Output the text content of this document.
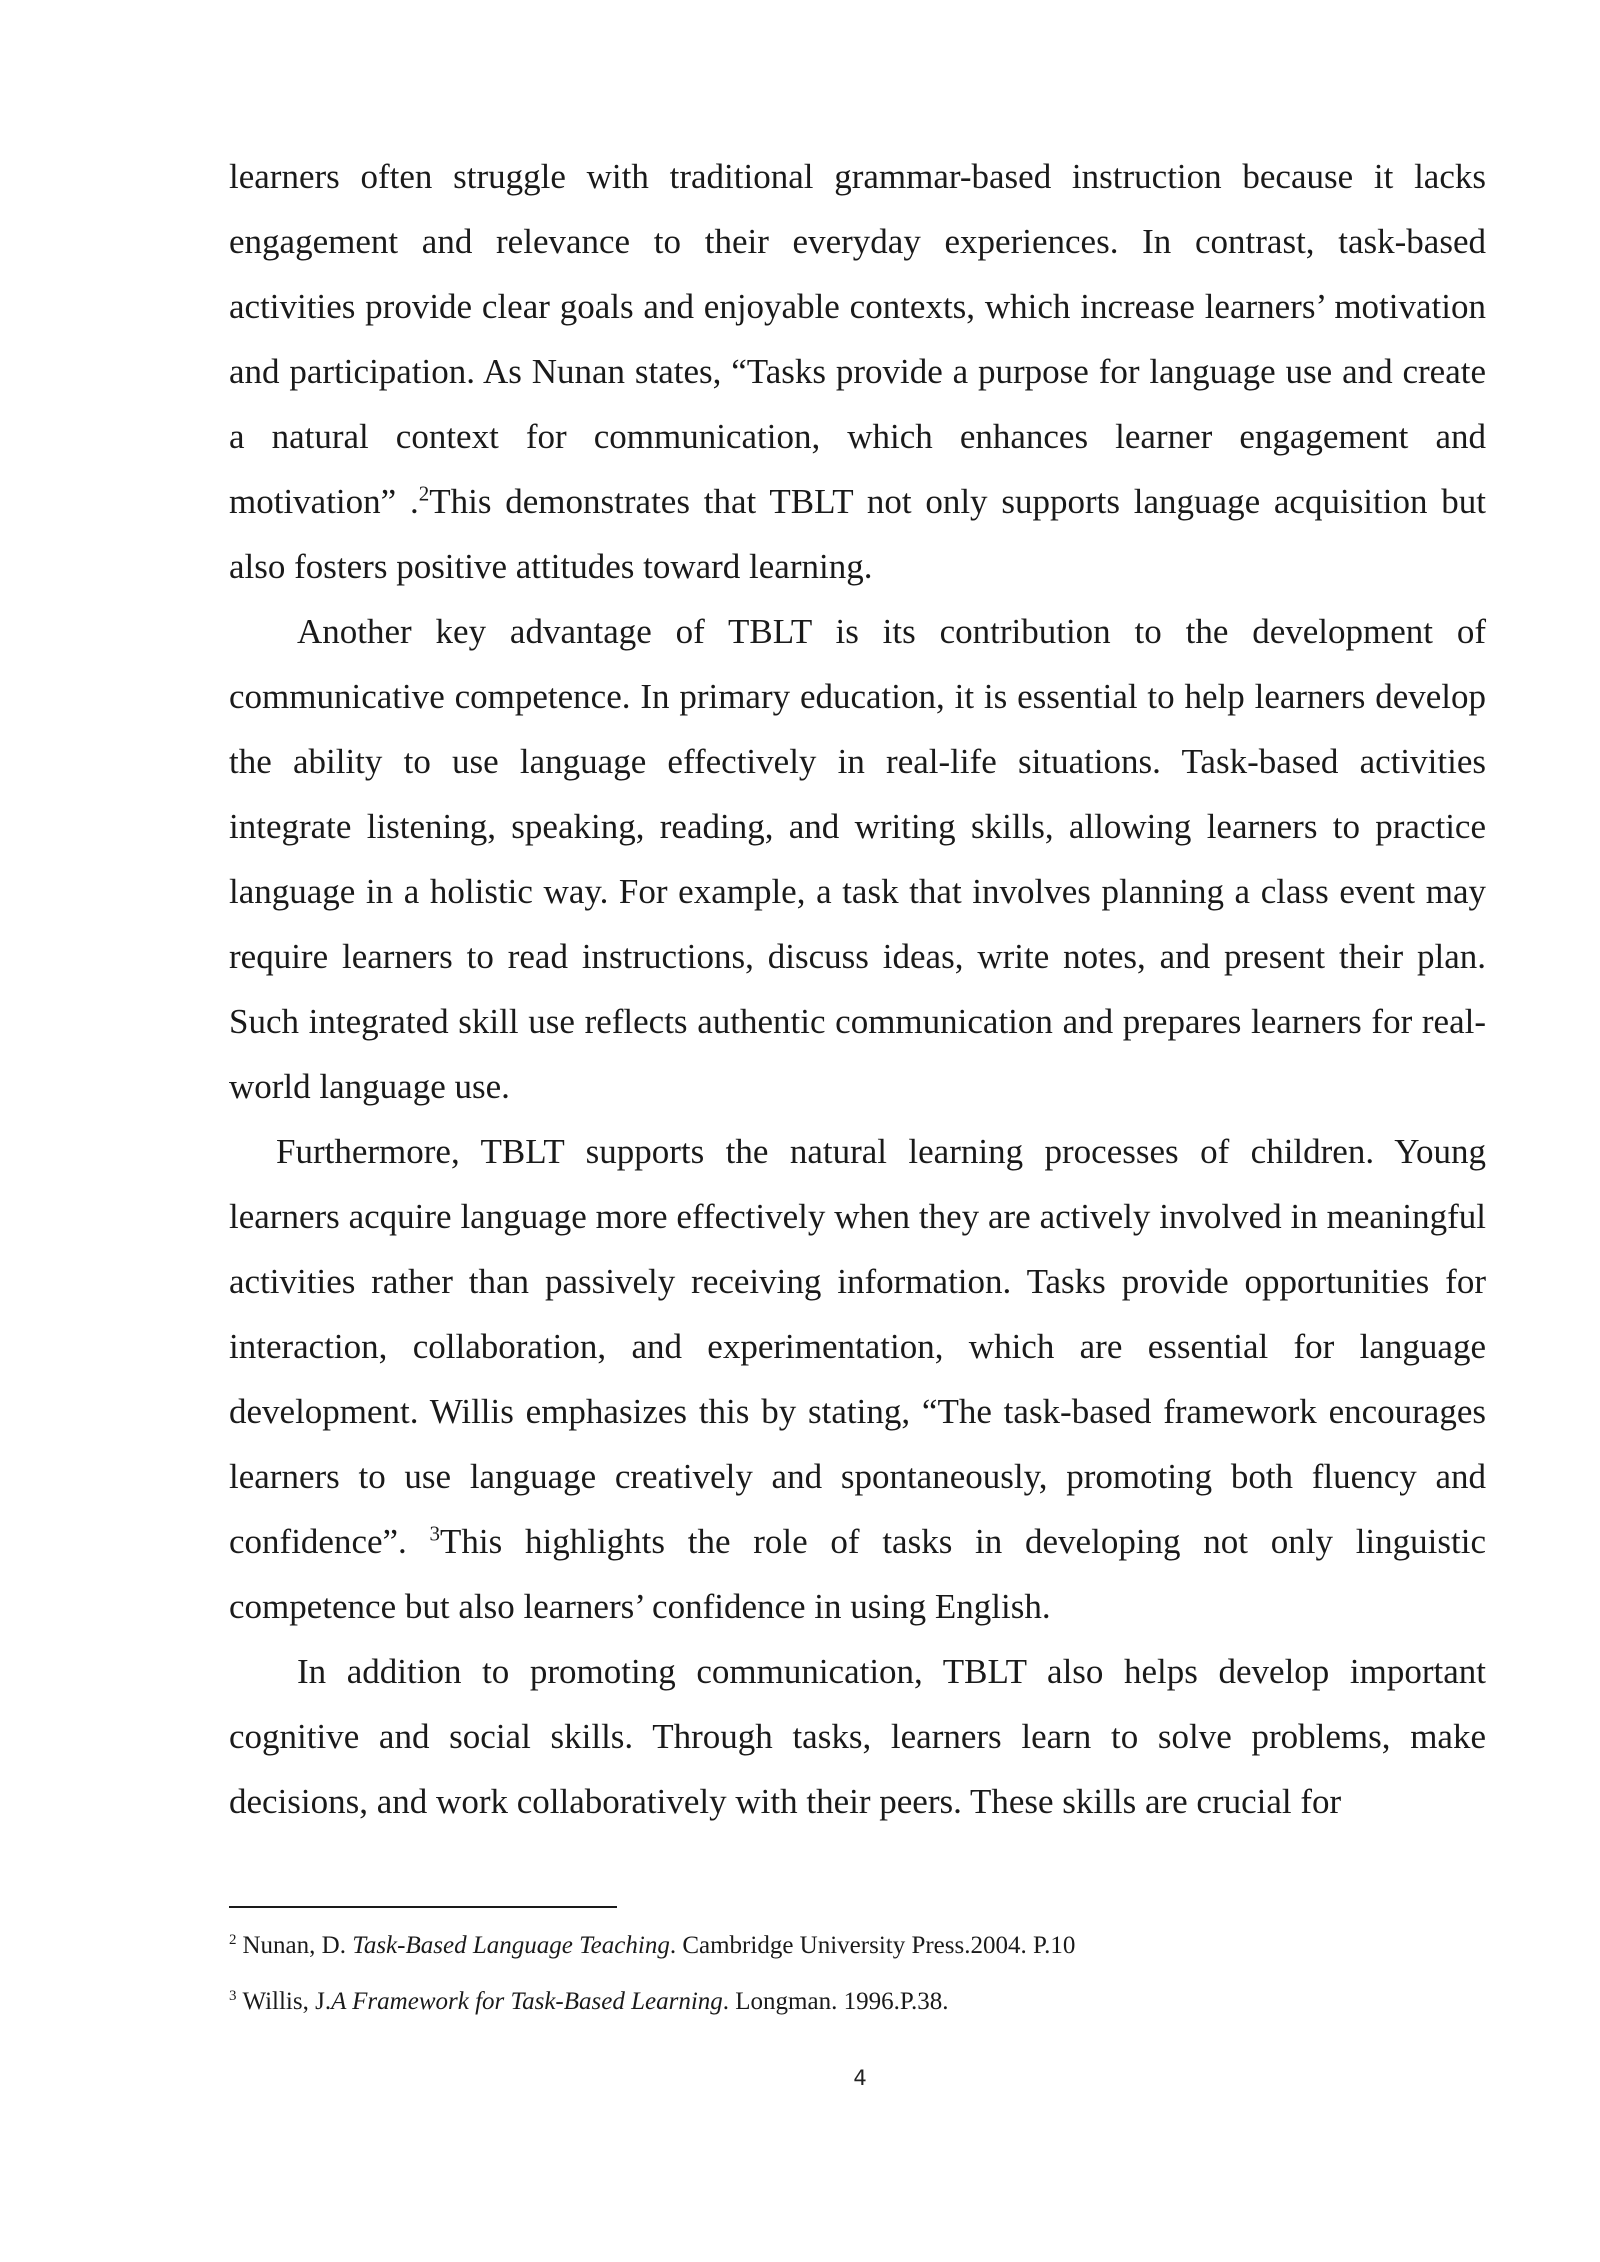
learners often struggle with traditional grammar-based instruction because it lacks engagement and relevance to their everyday experiences. In contrast, task-based activities provide clear goals and enjoyable contexts, which increase learners’ motivation and participation. As Nunan states, “Tasks provide a purpose for language use and create a natural context for communication, which enhances learner engagement and motivation” .$^2$This demonstrates that TBLT not only supports language acquisition but also fosters positive attitudes toward learning.

Another key advantage of TBLT is its contribution to the development of communicative competence. In primary education, it is essential to help learners develop the ability to use language effectively in real-life situations. Task-based activities integrate listening, speaking, reading, and writing skills, allowing learners to practice language in a holistic way. For example, a task that involves planning a class event may require learners to read instructions, discuss ideas, write notes, and present their plan. Such integrated skill use reflects authentic communication and prepares learners for real-world language use.

Furthermore, TBLT supports the natural learning processes of children. Young learners acquire language more effectively when they are actively involved in meaningful activities rather than passively receiving information. Tasks provide opportunities for interaction, collaboration, and experimentation, which are essential for language development. Willis emphasizes this by stating, “The task-based framework encourages learners to use language creatively and spontaneously, promoting both fluency and confidence”. $^3$This highlights the role of tasks in developing not only linguistic competence but also learners’ confidence in using English.

In addition to promoting communication, TBLT also helps develop important cognitive and social skills. Through tasks, learners learn to solve problems, make decisions, and work collaboratively with their peers. These skills are crucial for

$^2$ Nunan, D. Task-Based Language Teaching. Cambridge University Press.2004. P.10

$^3$ Willis, J.A Framework for Task-Based Learning. Longman. 1996.P.38.

4
